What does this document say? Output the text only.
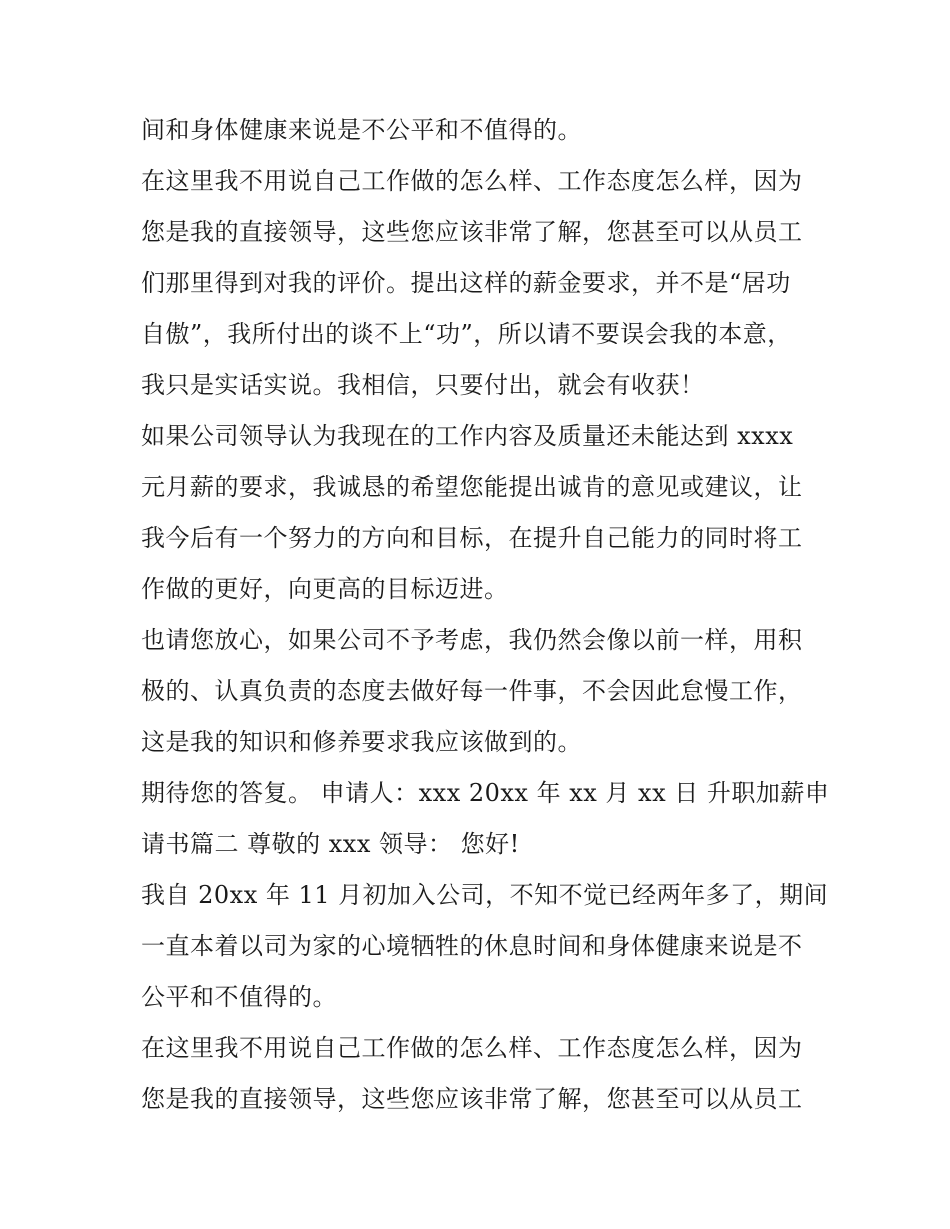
间和身体健康来说是不公平和不值得的。

在这里我不用说自己工作做的怎么样、工作态度怎么样，因为

您是我的直接领导，这些您应该非常了解，您甚至可以从员工

们那里得到对我的评价。提出这样的薪金要求，并不是“居功

自傲”，我所付出的谈不上“功”，所以请不要误会我的本意，

我只是实话实说。我相信，只要付出，就会有收获！

如果公司领导认为我现在的工作内容及质量还未能达到 xxxx

元月薪的要求，我诚恳的希望您能提出诚肯的意见或建议，让

我今后有一个努力的方向和目标，在提升自己能力的同时将工

作做的更好，向更高的目标迈进。

也请您放心，如果公司不予考虑，我仍然会像以前一样，用积

极的、认真负责的态度去做好每一件事，不会因此怠慢工作，

这是我的知识和修养要求我应该做到的。

期待您的答复。 申请人：xxx 20xx 年 xx 月 xx 日 升职加薪申

请书篇二 尊敬的 xxx 领导： 您好!

我自 20xx 年 11 月初加入公司，不知不觉已经两年多了，期间

一直本着以司为家的心境牺牲的休息时间和身体健康来说是不

公平和不值得的。

在这里我不用说自己工作做的怎么样、工作态度怎么样，因为

您是我的直接领导，这些您应该非常了解，您甚至可以从员工
